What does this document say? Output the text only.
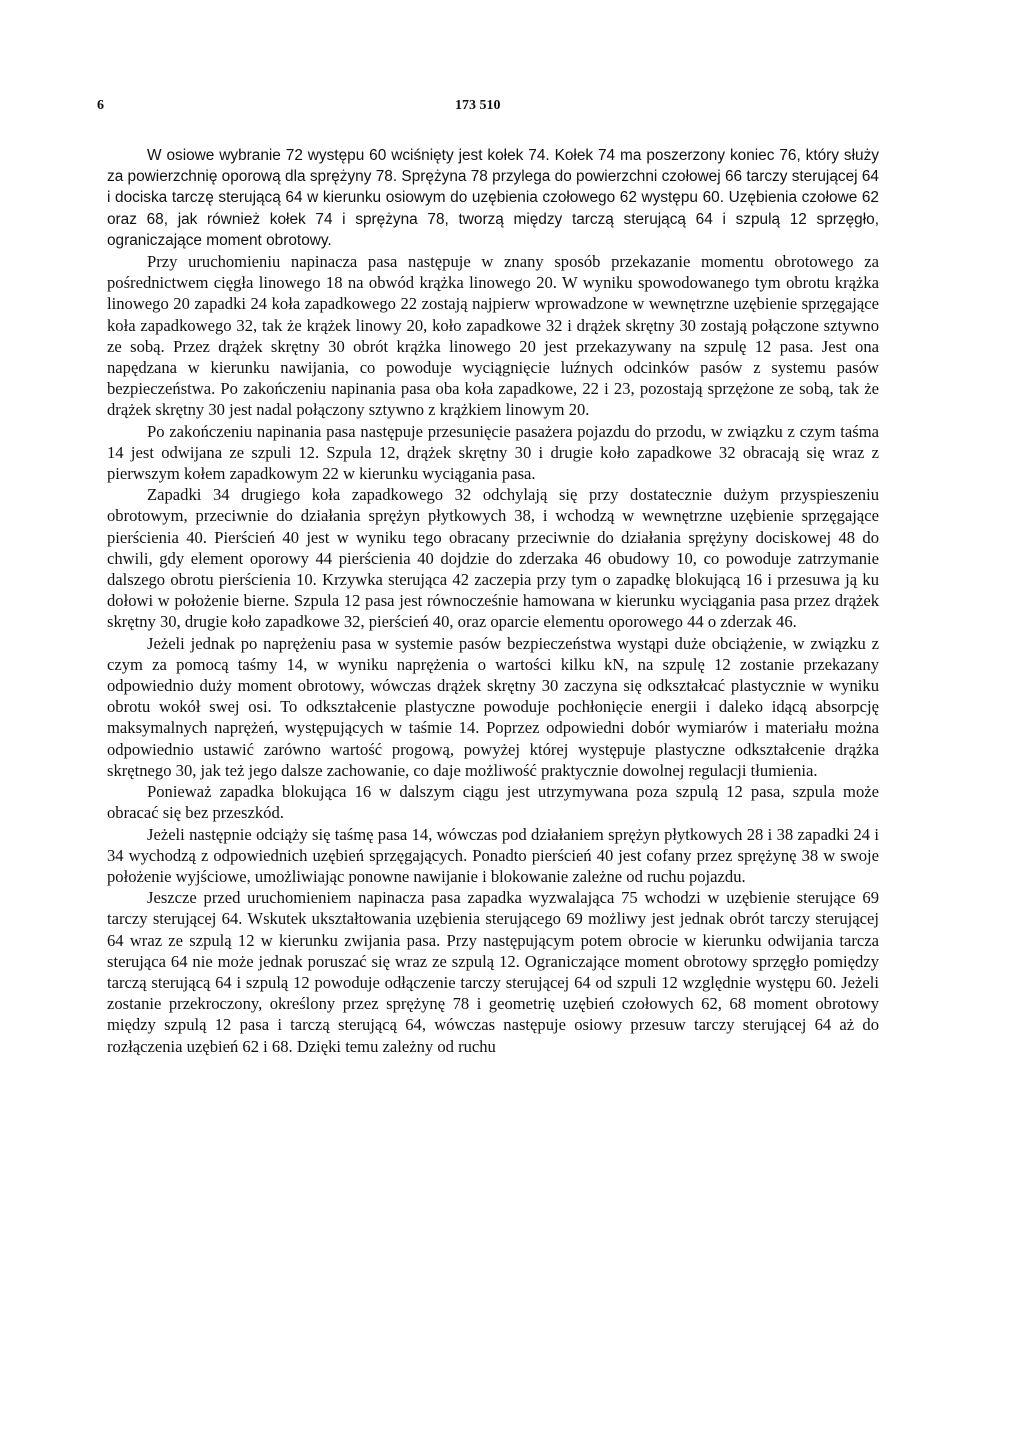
6	173 510

W osiowe wybranie 72 występu 60 wciśnięty jest kołek 74. Kołek 74 ma poszerzony koniec 76, który służy za powierzchnię oporową dla sprężyny 78. Sprężyna 78 przylega do powierzchni czołowej 66 tarczy sterującej 64 i dociska tarczę sterującą 64 w kierunku osiowym do uzębienia czołowego 62 występu 60. Uzębienia czołowe 62 oraz 68, jak również kołek 74 i sprężyna 78, tworzą między tarczą sterującą 64 i szpulą 12 sprzęgło, ograniczające moment obrotowy.

Przy uruchomieniu napinacza pasa następuje w znany sposób przekazanie momentu obrotowego za pośrednictwem cięgła linowego 18 na obwód krążka linowego 20. W wyniku spowodowanego tym obrotu krążka linowego 20 zapadki 24 koła zapadkowego 22 zostają najpierw wprowadzone w wewnętrzne uzębienie sprzęgające koła zapadkowego 32, tak że krążek linowy 20, koło zapadkowe 32 i drążek skrętny 30 zostają połączone sztywno ze sobą. Przez drążek skrętny 30 obrót krążka linowego 20 jest przekazywany na szpulę 12 pasa. Jest ona napędzana w kierunku nawijania, co powoduje wyciągnięcie luźnych odcinków pasów z systemu pasów bezpieczeństwa. Po zakończeniu napinania pasa oba koła zapadkowe, 22 i 23, pozostają sprzężone ze sobą, tak że drążek skrętny 30 jest nadal połączony sztywno z krążkiem linowym 20.

Po zakończeniu napinania pasa następuje przesunięcie pasażera pojazdu do przodu, w związku z czym taśma 14 jest odwijana ze szpuli 12. Szpula 12, drążek skrętny 30 i drugie koło zapadkowe 32 obracają się wraz z pierwszym kołem zapadkowym 22 w kierunku wyciągania pasa.

Zapadki 34 drugiego koła zapadkowego 32 odchylają się przy dostatecznie dużym przyspieszeniu obrotowym, przeciwnie do działania sprężyn płytkowych 38, i wchodzą w wewnętrzne uzębienie sprzęgające pierścienia 40. Pierścień 40 jest w wyniku tego obracany przeciwnie do działania sprężyny dociskowej 48 do chwili, gdy element oporowy 44 pierścienia 40 dojdzie do zderzaka 46 obudowy 10, co powoduje zatrzymanie dalszego obrotu pierścienia 10. Krzywka sterująca 42 zaczepia przy tym o zapadkę blokującą 16 i przesuwa ją ku dołowi w położenie bierne. Szpula 12 pasa jest równocześnie hamowana w kierunku wyciągania pasa przez drążek skrętny 30, drugie koło zapadkowe 32, pierścień 40, oraz oparcie elementu oporowego 44 o zderzak 46.

Jeżeli jednak po naprężeniu pasa w systemie pasów bezpieczeństwa wystąpi duże obciążenie, w związku z czym za pomocą taśmy 14, w wyniku naprężenia o wartości kilku kN, na szpulę 12 zostanie przekazany odpowiednio duży moment obrotowy, wówczas drążek skrętny 30 zaczyna się odkształcać plastycznie w wyniku obrotu wokół swej osi. To odkształcenie plastyczne powoduje pochłonięcie energii i daleko idącą absorpcję maksymalnych naprężeń, występujących w taśmie 14. Poprzez odpowiedni dobór wymiarów i materiału można odpowiednio ustawić zarówno wartość progową, powyżej której występuje plastyczne odkształcenie drążka skrętnego 30, jak też jego dalsze zachowanie, co daje możliwość praktycznie dowolnej regulacji tłumienia.

Ponieważ zapadka blokująca 16 w dalszym ciągu jest utrzymywana poza szpulą 12 pasa, szpula może obracać się bez przeszkód.

Jeżeli następnie odciąży się taśmę pasa 14, wówczas pod działaniem sprężyn płytkowych 28 i 38 zapadki 24 i 34 wychodzą z odpowiednich uzębień sprzęgających. Ponadto pierścień 40 jest cofany przez sprężynę 38 w swoje położenie wyjściowe, umożliwiając ponowne nawijanie i blokowanie zależne od ruchu pojazdu.

Jeszcze przed uruchomieniem napinacza pasa zapadka wyzwalająca 75 wchodzi w uzębienie sterujące 69 tarczy sterującej 64. Wskutek ukształtowania uzębienia sterującego 69 możliwy jest jednak obrót tarczy sterującej 64 wraz ze szpulą 12 w kierunku zwijania pasa. Przy następującym potem obrocie w kierunku odwijania tarcza sterująca 64 nie może jednak poruszać się wraz ze szpulą 12. Ograniczające moment obrotowy sprzęgło pomiędzy tarczą sterującą 64 i szpulą 12 powoduje odłączenie tarczy sterującej 64 od szpuli 12 względnie występu 60. Jeżeli zostanie przekroczony, określony przez sprężynę 78 i geometrię uzębień czołowych 62, 68 moment obrotowy między szpulą 12 pasa i tarczą sterującą 64, wówczas następuje osiowy przesuw tarczy sterującej 64 aż do rozłączenia uzębień 62 i 68. Dzięki temu zależny od ruchu
